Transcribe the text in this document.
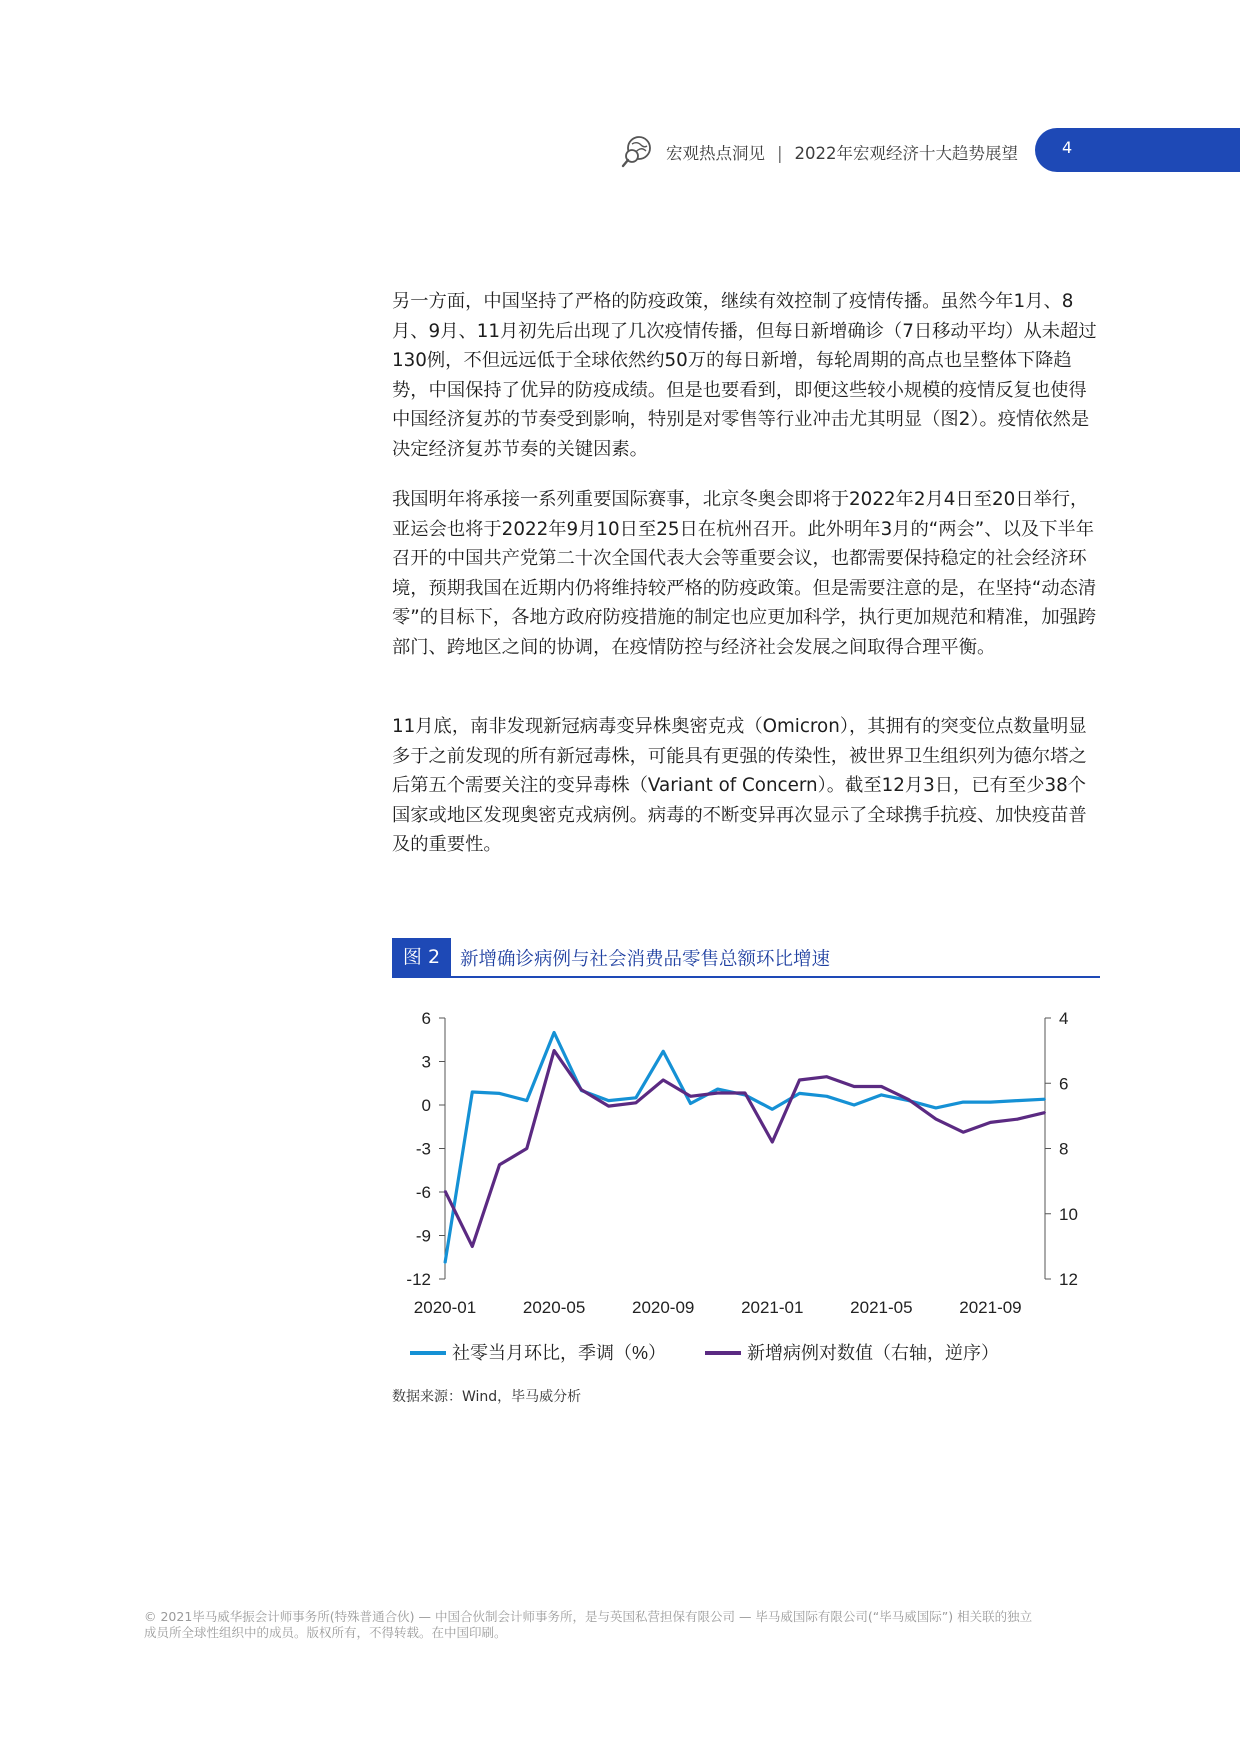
宏观热点洞见 | 2022年宏观经济十大趋势展望	4

另一方面，中国坚持了严格的防疫政策，继续有效控制了疫情传播。虽然今年1月、8月、9月、11月初先后出现了几次疫情传播，但每日新增确诊（7日移动平均）从未超过130例，不但远远低于全球依然约50万的每日新增，每轮周期的高点也呈整体下降趋势，中国保持了优异的防疫成绩。但是也要看到，即便这些较小规模的疫情反复也使得中国经济复苏的节奏受到影响，特别是对零售等行业冲击尤其明显（图2）。疫情依然是决定经济复苏节奏的关键因素。

我国明年将承接一系列重要国际赛事，北京冬奥会即将于2022年2月4日至20日举行，亚运会也将于2022年9月10日至25日在杭州召开。此外明年3月的“两会”、以及下半年召开的中国共产党第二十次全国代表大会等重要会议，也都需要保持稳定的社会经济环境，预期我国在近期内仍将维持较严格的防疫政策。但是需要注意的是，在坚持“动态清零”的目标下，各地方政府防疫措施的制定也应更加科学，执行更加规范和精准，加强跨部门、跨地区之间的协调，在疫情防控与经济社会发展之间取得合理平衡。

11月底，南非发现新冠病毒变异株奥密克戎（Omicron），其拥有的突变位点数量明显多于之前发现的所有新冠毒株，可能具有更强的传染性，被世界卫生组织列为德尔塔之后第五个需要关注的变异毒株（Variant of Concern）。截至12月3日，已有至少38个国家或地区发现奥密克戎病例。病毒的不断变异再次显示了全球携手抗疫、加快疫苗普及的重要性。

图 2	新增确诊病例与社会消费品零售总额环比增速
6
3
0
-3
-6
-9
-12
4
6
8
10
12
2020-01	2020-05	2020-09	2021-01	2021-05	2021-09
社零当月环比，季调（%）	新增病例对数值（右轴，逆序）
数据来源：Wind，毕马威分析
© 2021毕马威华振会计师事务所(特殊普通合伙) — 中国合伙制会计师事务所，是与英国私营担保有限公司 — 毕马威国际有限公司(“毕马威国际”) 相关联的独立
成员所全球性组织中的成员。版权所有，不得转载。在中国印刷。
